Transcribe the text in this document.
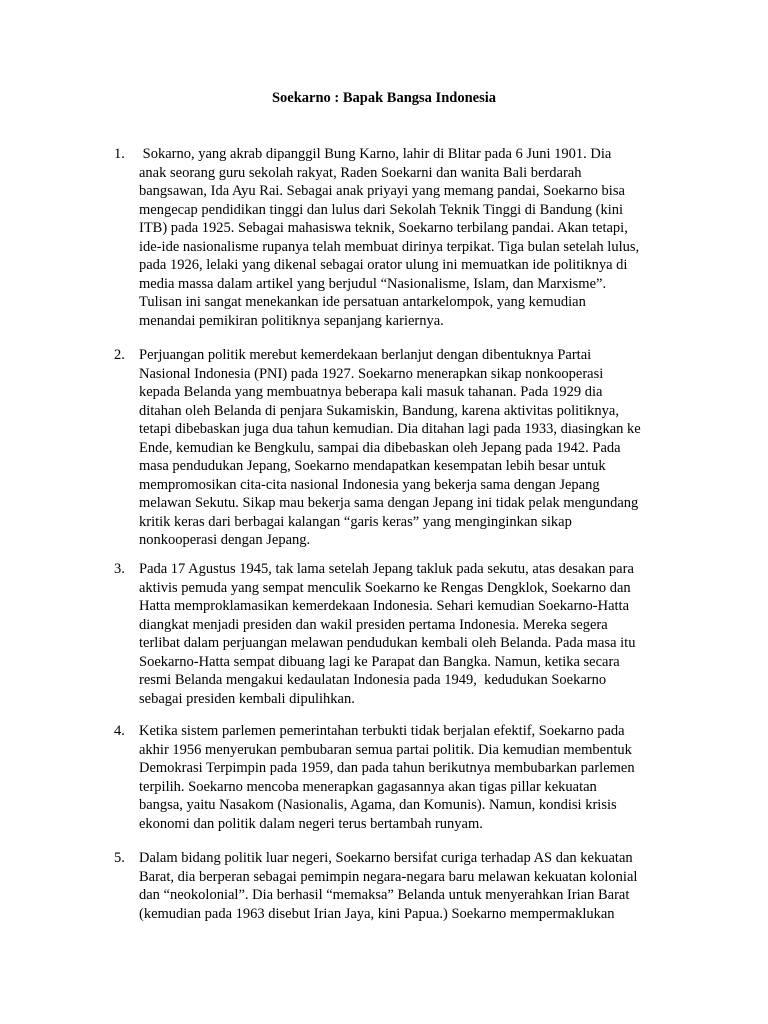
Soekarno : Bapak Bangsa Indonesia
1. Sokarno, yang akrab dipanggil Bung Karno, lahir di Blitar pada 6 Juni 1901. Dia
anak seorang guru sekolah rakyat, Raden Soekarni dan wanita Bali berdarah
bangsawan, Ida Ayu Rai. Sebagai anak priyayi yang memang pandai, Soekarno bisa
mengecap pendidikan tinggi dan lulus dari Sekolah Teknik Tinggi di Bandung (kini
ITB) pada 1925. Sebagai mahasiswa teknik, Soekarno terbilang pandai. Akan tetapi,
ide-ide nasionalisme rupanya telah membuat dirinya terpikat. Tiga bulan setelah lulus,
pada 1926, lelaki yang dikenal sebagai orator ulung ini memuatkan ide politiknya di
media massa dalam artikel yang berjudul “Nasionalisme, Islam, dan Marxisme”.
Tulisan ini sangat menekankan ide persatuan antarkelompok, yang kemudian
menandai pemikiran politiknya sepanjang kariernya.
2. Perjuangan politik merebut kemerdekaan berlanjut dengan dibentuknya Partai
Nasional Indonesia (PNI) pada 1927. Soekarno menerapkan sikap nonkooperasi
kepada Belanda yang membuatnya beberapa kali masuk tahanan. Pada 1929 dia
ditahan oleh Belanda di penjara Sukamiskin, Bandung, karena aktivitas politiknya,
tetapi dibebaskan juga dua tahun kemudian. Dia ditahan lagi pada 1933, diasingkan ke
Ende, kemudian ke Bengkulu, sampai dia dibebaskan oleh Jepang pada 1942. Pada
masa pendudukan Jepang, Soekarno mendapatkan kesempatan lebih besar untuk
mempromosikan cita-cita nasional Indonesia yang bekerja sama dengan Jepang
melawan Sekutu. Sikap mau bekerja sama dengan Jepang ini tidak pelak mengundang
kritik keras dari berbagai kalangan “garis keras” yang menginginkan sikap
nonkooperasi dengan Jepang.
3. Pada 17 Agustus 1945, tak lama setelah Jepang takluk pada sekutu, atas desakan para
aktivis pemuda yang sempat menculik Soekarno ke Rengas Dengklok, Soekarno dan
Hatta memproklamasikan kemerdekaan Indonesia. Sehari kemudian Soekarno-Hatta
diangkat menjadi presiden dan wakil presiden pertama Indonesia. Mereka segera
terlibat dalam perjuangan melawan pendudukan kembali oleh Belanda. Pada masa itu
Soekarno-Hatta sempat dibuang lagi ke Parapat dan Bangka. Namun, ketika secara
resmi Belanda mengakui kedaulatan Indonesia pada 1949,  kedudukan Soekarno
sebagai presiden kembali dipulihkan.
4. Ketika sistem parlemen pemerintahan terbukti tidak berjalan efektif, Soekarno pada
akhir 1956 menyerukan pembubaran semua partai politik. Dia kemudian membentuk
Demokrasi Terpimpin pada 1959, dan pada tahun berikutnya membubarkan parlemen
terpilih. Soekarno mencoba menerapkan gagasannya akan tigas pillar kekuatan
bangsa, yaitu Nasakom (Nasionalis, Agama, dan Komunis). Namun, kondisi krisis
ekonomi dan politik dalam negeri terus bertambah runyam.
5. Dalam bidang politik luar negeri, Soekarno bersifat curiga terhadap AS dan kekuatan
Barat, dia berperan sebagai pemimpin negara-negara baru melawan kekuatan kolonial
dan “neokolonial”. Dia berhasil “memaksa” Belanda untuk menyerahkan Irian Barat
(kemudian pada 1963 disebut Irian Jaya, kini Papua.) Soekarno mempermaklukan
